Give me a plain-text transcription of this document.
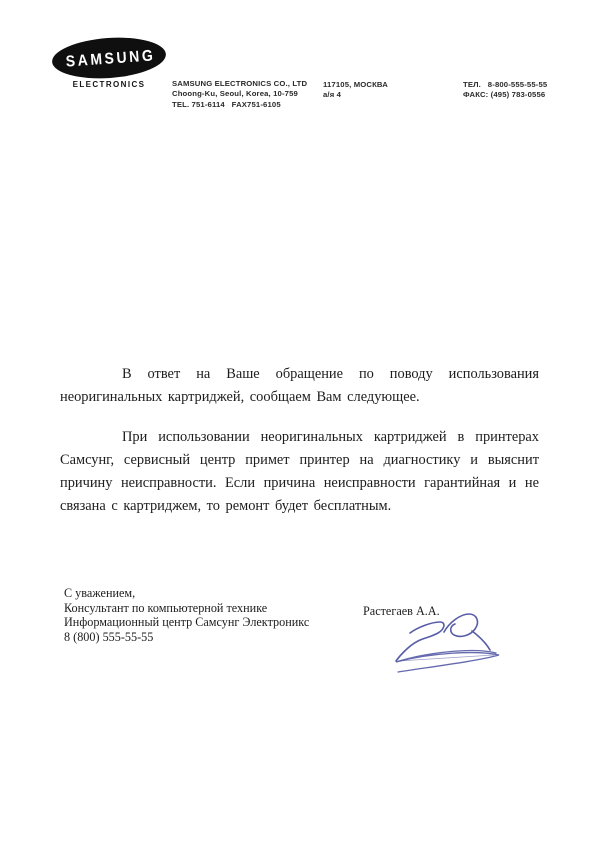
SAMSUNG
ELECTRONICS	SAMSUNG ELECTRONICS CO., LTD
Choong-Ku, Seoul, Korea, 10-759
TEL. 751-6114   FAX751-6105
117105, МОСКВА
а/я 4
ТЕЛ.   8-800-555-55-55
ФАКС: (495) 783-0556

В ответ на Ваше обращение по поводу использования неоригинальных картриджей, сообщаем Вам следующее.

При использовании неоригинальных картриджей в принтерах Самсунг, сервисный центр примет принтер на диагностику и выяснит причину неисправности. Если причина неисправности гарантийная и не связана с картриджем, то ремонт будет бесплатным.

С уважением,
Консультант по компьютерной технике
Информационный центр Самсунг Электроникс
8 (800) 555-55-55
Растегаев А.А.
